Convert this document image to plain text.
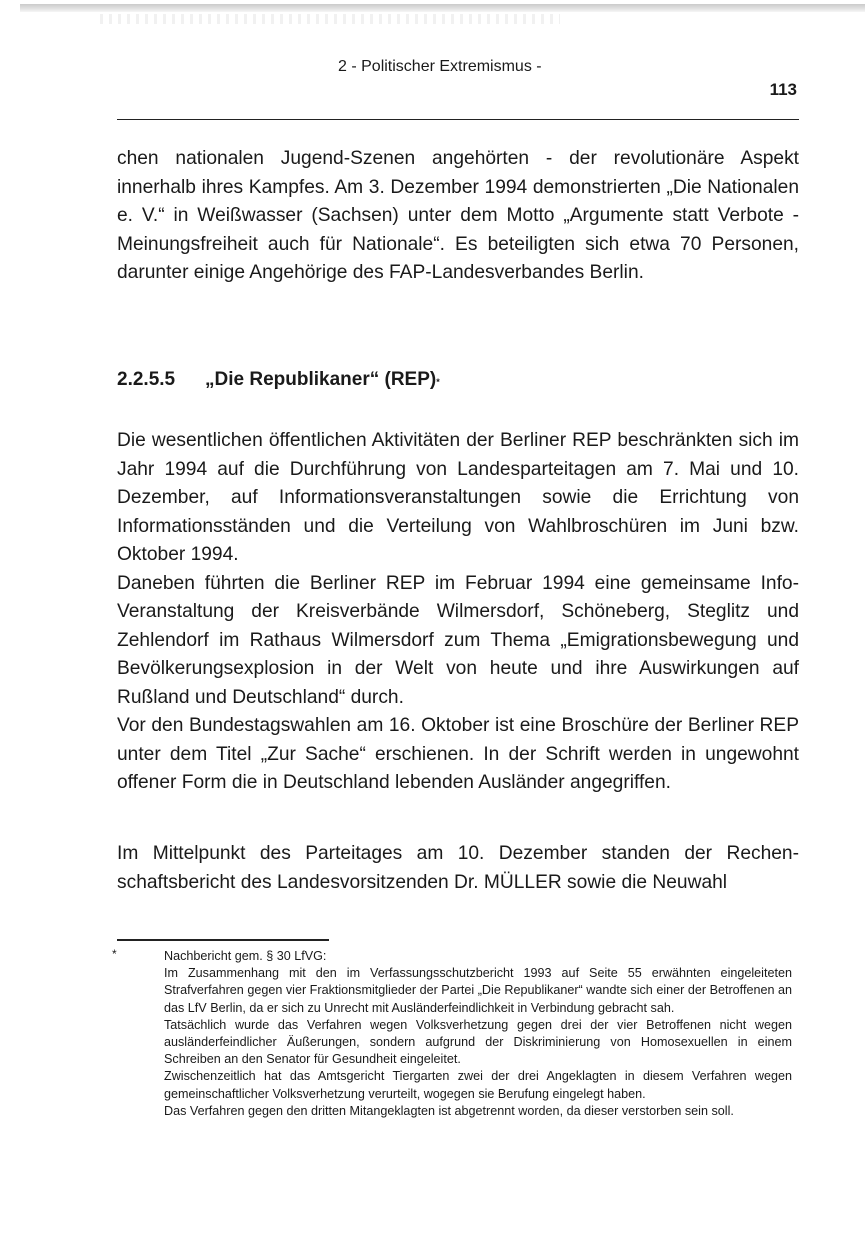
2 - Politischer Extremismus -
113

chen nationalen Jugend-Szenen angehörten - der revolutionäre Aspekt innerhalb ihres Kampfes. Am 3. Dezember 1994 demonstrierten „Die Nationalen e. V.“ in Weißwasser (Sachsen) unter dem Motto „Argumente statt Verbote - Meinungsfreiheit auch für Nationale“. Es beteiligten sich etwa 70 Personen, darunter einige Angehörige des FAP-Landesverbandes Berlin.

2.2.5.5	„Die Republikaner“ (REP) *

Die wesentlichen öffentlichen Aktivitäten der Berliner REP beschränkten sich im Jahr 1994 auf die Durchführung von Landesparteitagen am 7. Mai und 10. Dezember, auf Informationsveranstaltungen sowie die Errichtung von Informationsständen und die Verteilung von Wahlbroschüren im Juni bzw. Oktober 1994.

Daneben führten die Berliner REP im Februar 1994 eine gemeinsame Info-Veranstaltung der Kreisverbände Wilmersdorf, Schöneberg, Steglitz und Zehlendorf im Rathaus Wilmersdorf zum Thema „Emigrationsbewegung und Bevölkerungsexplosion in der Welt von heute und ihre Auswirkungen auf Rußland und Deutschland“ durch.

Vor den Bundestagswahlen am 16. Oktober ist eine Broschüre der Berliner REP unter dem Titel „Zur Sache“ erschienen. In der Schrift werden in ungewohnt offener Form die in Deutschland lebenden Ausländer angegriffen.

Im Mittelpunkt des Parteitages am 10. Dezember standen der Rechenschaftsbericht des Landesvorsitzenden Dr. MÜLLER sowie die Neuwahl

*	Nachbericht gem. § 30 LfVG:

Im Zusammenhang mit den im Verfassungsschutzbericht 1993 auf Seite 55 erwähnten eingeleiteten Strafverfahren gegen vier Fraktionsmitglieder der Partei „Die Republikaner“ wandte sich einer der Betroffenen an das LfV Berlin, da er sich zu Unrecht mit Ausländerfeindlichkeit in Verbindung gebracht sah.

Tatsächlich wurde das Verfahren wegen Volksverhetzung gegen drei der vier Betroffenen nicht wegen ausländerfeindlicher Äußerungen, sondern aufgrund der Diskriminierung von Homosexuellen in einem Schreiben an den Senator für Gesundheit eingeleitet.

Zwischenzeitlich hat das Amtsgericht Tiergarten zwei der drei Angeklagten in diesem Verfahren wegen gemeinschaftlicher Volksverhetzung verurteilt, wogegen sie Berufung eingelegt haben.

Das Verfahren gegen den dritten Mitangeklagten ist abgetrennt worden, da dieser verstorben sein soll.
